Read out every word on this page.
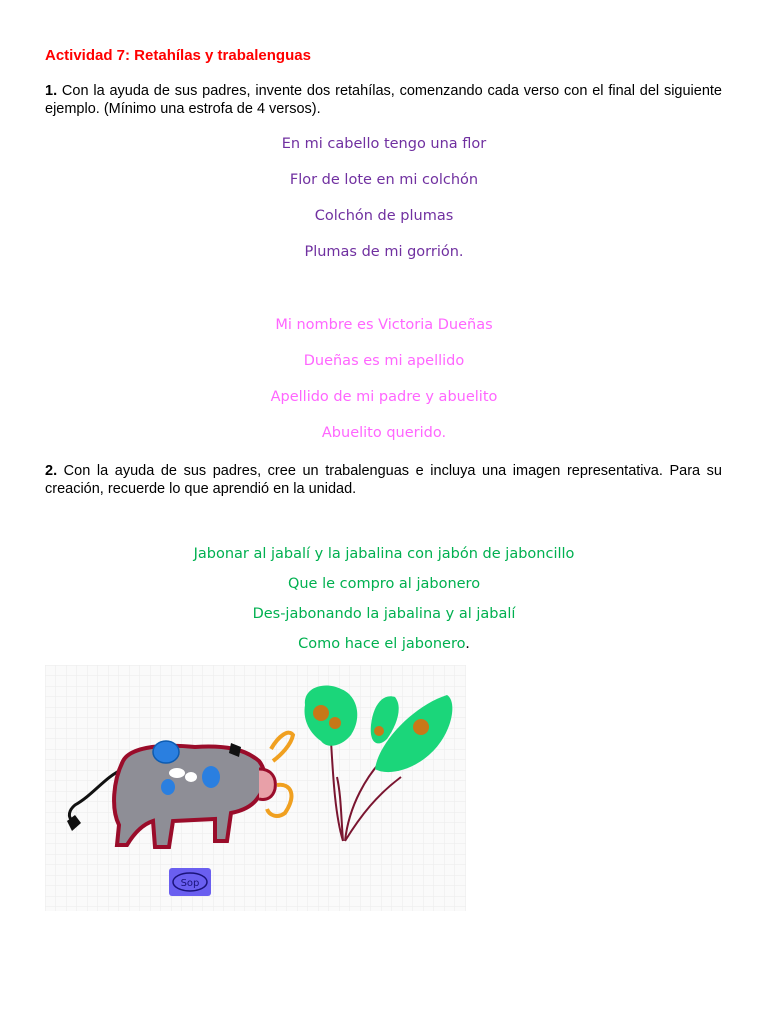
Actividad 7: Retahílas y trabalenguas
1. Con la ayuda de sus padres, invente dos retahílas, comenzando cada verso con el final del siguiente ejemplo. (Mínimo una estrofa de 4 versos).
En mi cabello tengo una flor
Flor de lote en mi colchón
Colchón de plumas
Plumas de mi gorrión.
Mi nombre es Victoria Dueñas
Dueñas es mi apellido
Apellido de mi padre y abuelito
Abuelito querido.
2. Con la ayuda de sus padres, cree un trabalenguas e incluya una imagen representativa. Para su creación, recuerde lo que aprendió en la unidad.
Jabonar al jabalí y la jabalina con jabón de jaboncillo
Que le compro al jabonero
Des-jabonando la jabalina y al jabalí
Como hace el jabonero.
Sop
